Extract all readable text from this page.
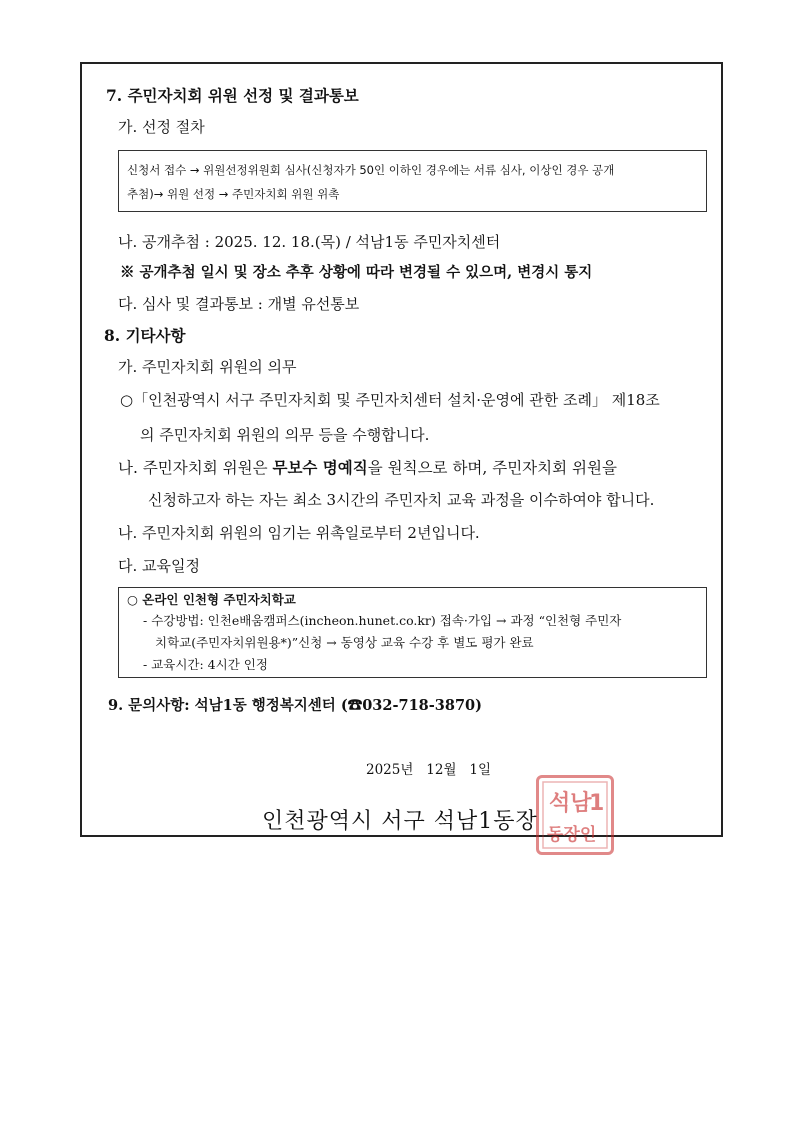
7. 주민자치회 위원 선정 및 결과통보
가. 선정 절차
신청서 접수 → 위원선정위원회 심사(신청자가 50인 이하인 경우에는 서류 심사, 이상인 경우 공개
추첨)→ 위원 선정 → 주민자치회 위원 위촉
나. 공개추첨 : 2025. 12. 18.(목) / 석남1동 주민자치센터
※ 공개추첨 일시 및 장소 추후 상황에 따라 변경될 수 있으며, 변경시 통지
다. 심사 및 결과통보 : 개별 유선통보
8. 기타사항
가. 주민자치회 위원의 의무
○「인천광역시 서구 주민자치회 및 주민자치센터 설치·운영에 관한 조례」 제18조
의 주민자치회 위원의 의무 등을 수행합니다.
나. 주민자치회 위원은 무보수 명예직을 원칙으로 하며, 주민자치회 위원을
신청하고자 하는 자는 최소 3시간의 주민자치 교육 과정을 이수하여야 합니다.
나. 주민자치회 위원의 임기는 위촉일로부터 2년입니다.
다. 교육일정
○ 온라인 인천형 주민자치학교
- 수강방법: 인천e배움캠퍼스(incheon.hunet.co.kr) 접속·가입 → 과정 “인천형 주민자
치학교(주민자치위원용*)”신청 → 동영상 교육 수강 후 별도 평가 완료
- 교육시간: 4시간 인정
9. 문의사항: 석남1동 행정복지센터 (☎032-718-3870)
2025년   12월   1일
석남
1
동장인
인천광역시 서구 석남1동장
